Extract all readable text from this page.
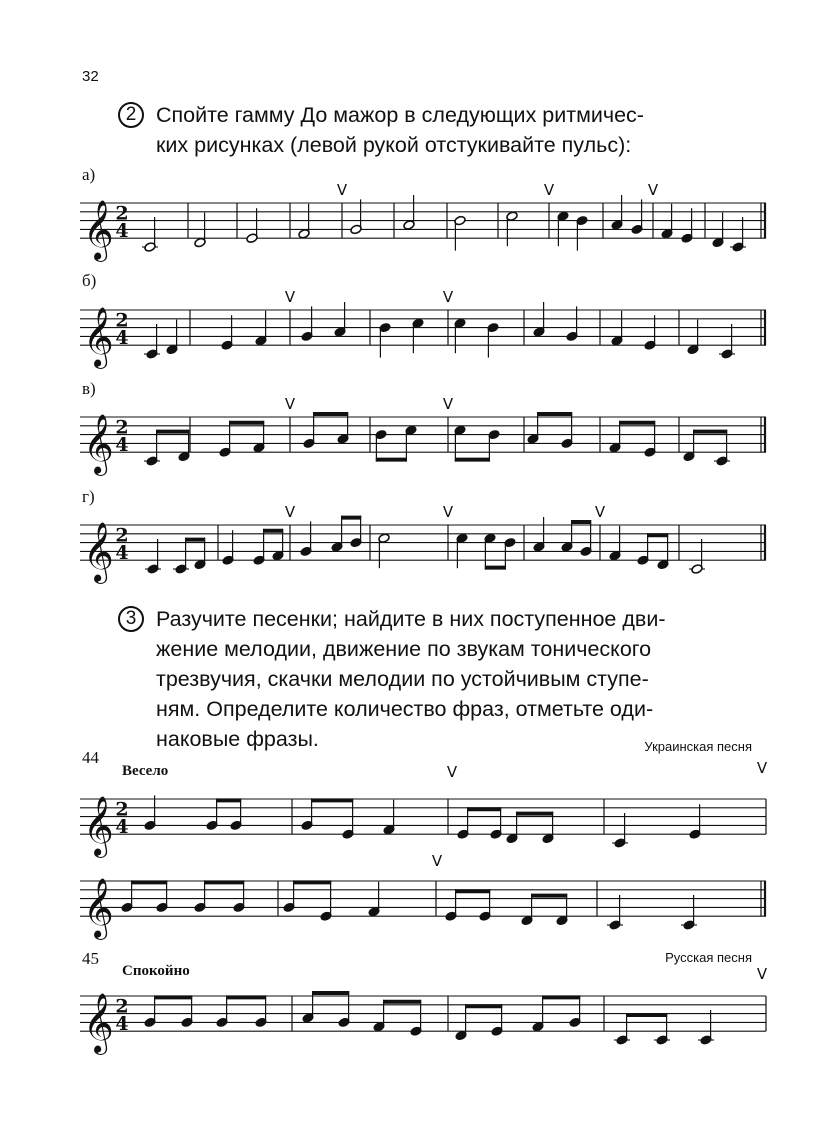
32
2 Спойте гамму До мажор в следующих ритмичес-
ких рисунках (левой рукой отстукивайте пульс):
а)
б)
в)
г)
3 Разучите песенки; найдите в них поступенное дви-
жение мелодии, движение по звукам тонического
трезвучия, скачки мелодии по устойчивым ступе-
ням. Определите количество фраз, отметьте оди-
наковые фразы.
44
Весело
Украинская песня
45
Спокойно
Русская песня
𝄞 2
4
V	V	V
𝄞 2
4
V	V
𝄞 2
4
V	V
𝄞 2
4
V	V	V
𝄞 2
4
V	V
𝄞
V
𝄞 2
4
V
